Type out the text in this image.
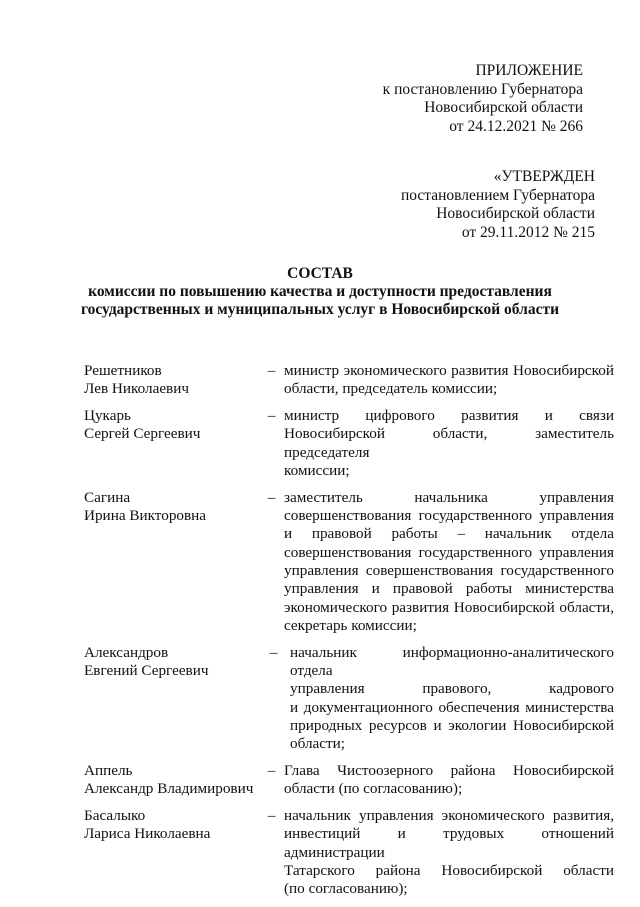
ПРИЛОЖЕНИЕ
к постановлению Губернатора
Новосибирской области
от 24.12.2021 № 266
«УТВЕРЖДЕН
постановлением Губернатора
Новосибирской области
от 29.11.2012 № 215
СОСТАВ
комиссии по повышению качества и доступности предоставления
государственных и муниципальных услуг в Новосибирской области
Решетников
Лев Николаевич
– министр экономического развития Новосибирской
области, председатель комиссии;
Цукарь
Сергей Сергеевич
– министр цифрового развития и связи
Новосибирской области, заместитель председателя
комиссии;
Сагина
Ирина Викторовна
– заместитель начальника управления
совершенствования государственного управления
и правовой работы – начальник отдела
совершенствования государственного управления
управления совершенствования государственного
управления и правовой работы министерства
экономического развития Новосибирской области,
секретарь комиссии;
Александров
Евгений Сергеевич
– начальник информационно-аналитического отдела
управления правового, кадрового
и документационного обеспечения министерства
природных ресурсов и экологии Новосибирской
области;
Аппель
Александр Владимирович
– Глава Чистоозерного района Новосибирской
области (по согласованию);
Басалыко
Лариса Николаевна
– начальник управления экономического развития,
инвестиций и трудовых отношений администрации
Татарского района Новосибирской области
(по согласованию);
